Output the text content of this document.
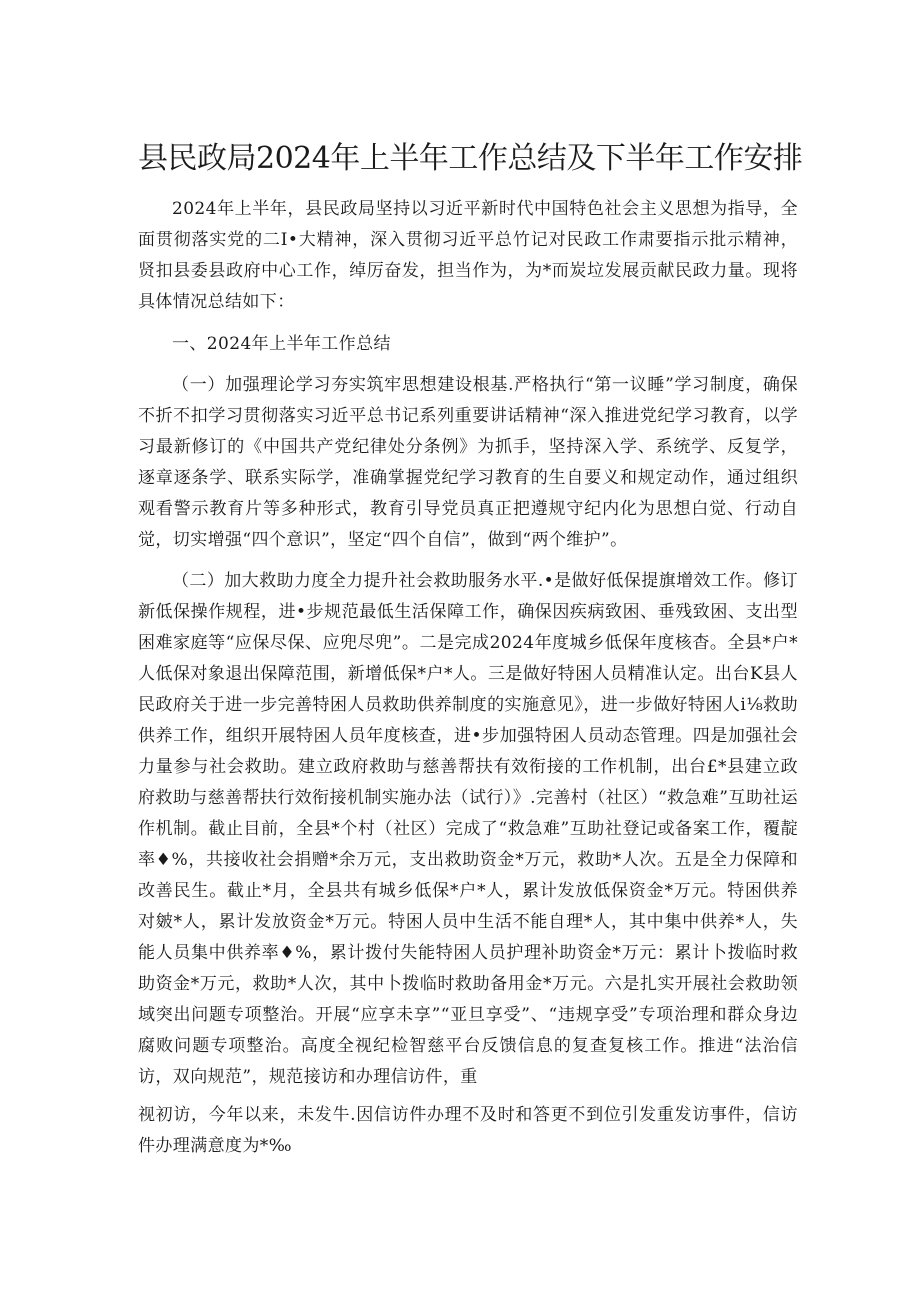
县民政局2024年上半年工作总结及下半年工作安排

2024年上半年，县民政局坚持以习近平新时代中国特色社会主义思想为指导，全面贯彻落实党的二I•大精神，深入贯彻习近平总竹记对民政工作肃要指示批示精神，贤扣县委县政府中心工作，绰厉奋发，担当作为，为*而炭垃发展贡献民政力量。现将具体情况总结如下：

一、2024年上半年工作总结

（一）加强理论学习夯实筑牢思想建设根基.严格执行“第一议睡”学习制度，确保不折不扣学习贯彻落实习近平总书记系列重要讲话精神“深入推进党纪学习教育，以学习最新修订的《中国共产党纪律处分条例》为抓手，坚持深入学、系统学、反复学，逐章逐条学、联系实际学，准确掌握党纪学习教育的生自要义和规定动作，通过组织观看警示教育片等多种形式，教育引导党员真正把遵规守纪内化为思想白觉、行动自觉，切实增强“四个意识”，坚定“四个自信”，做到“两个维护”。

（二）加大救助力度全力提升社会救助服务水平.•是做好低保提旗增效工作。修订新低保操作规程，进•步规范最低生活保障工作，确保因疾病致困、垂残致困、支出型困难家庭等“应保尽保、应兜尽兜”。二是完成2024年度城乡低保年度核杳。全县*户*人低保对象退出保障范围，新增低保*户*人。三是做好特困人员精准认定。出台K县人民政府关于进一步完善特困人员救助供养制度的实施意见》，进一步做好特困人i⅛救助供养工作，组织开展特困人员年度核查，进•步加强特困人员动态管理。四是加强社会力量参与社会救助。建立政府救助与慈善帮扶有效衔接的工作机制，出台£*县建立政府救助与慈善帮扶行效衔接机制实施办法（试行）》.完善村（社区）“救急难”互助社运作机制。截止目前，全县*个村（社区）完成了“救急难”互助社登记或备案工作，覆靛率♦%，共接收社会捐赠*余万元，支出救助资金*万元，救助*人次。五是全力保障和改善民生。截止*月，全县共有城乡低保*户*人，累计发放低保资金*万元。特困供养对皴*人，累计发放资金*万元。特困人员中生活不能自理*人，其中集中供养*人，失能人员集中供养率♦%，累计拨付失能特困人员护理补助资金*万元：累计卜拨临时救助资金*万元，救助*人次，其中卜拨临时救助备用金*万元。六是扎实开展社会救助领域突出问题专项整治。开展“应享未享”“亚旦享受”、“违规享受”专项治理和群众身边腐败问题专项整治。高度全视纪检智慈平台反馈信息的复查复核工作。推进“法治信访，双向规范”，规范接访和办理信访件，重

视初访，今年以来，未发牛.因信访件办理不及时和答更不到位引发重发访事件，信访件办理满意度为*‰
